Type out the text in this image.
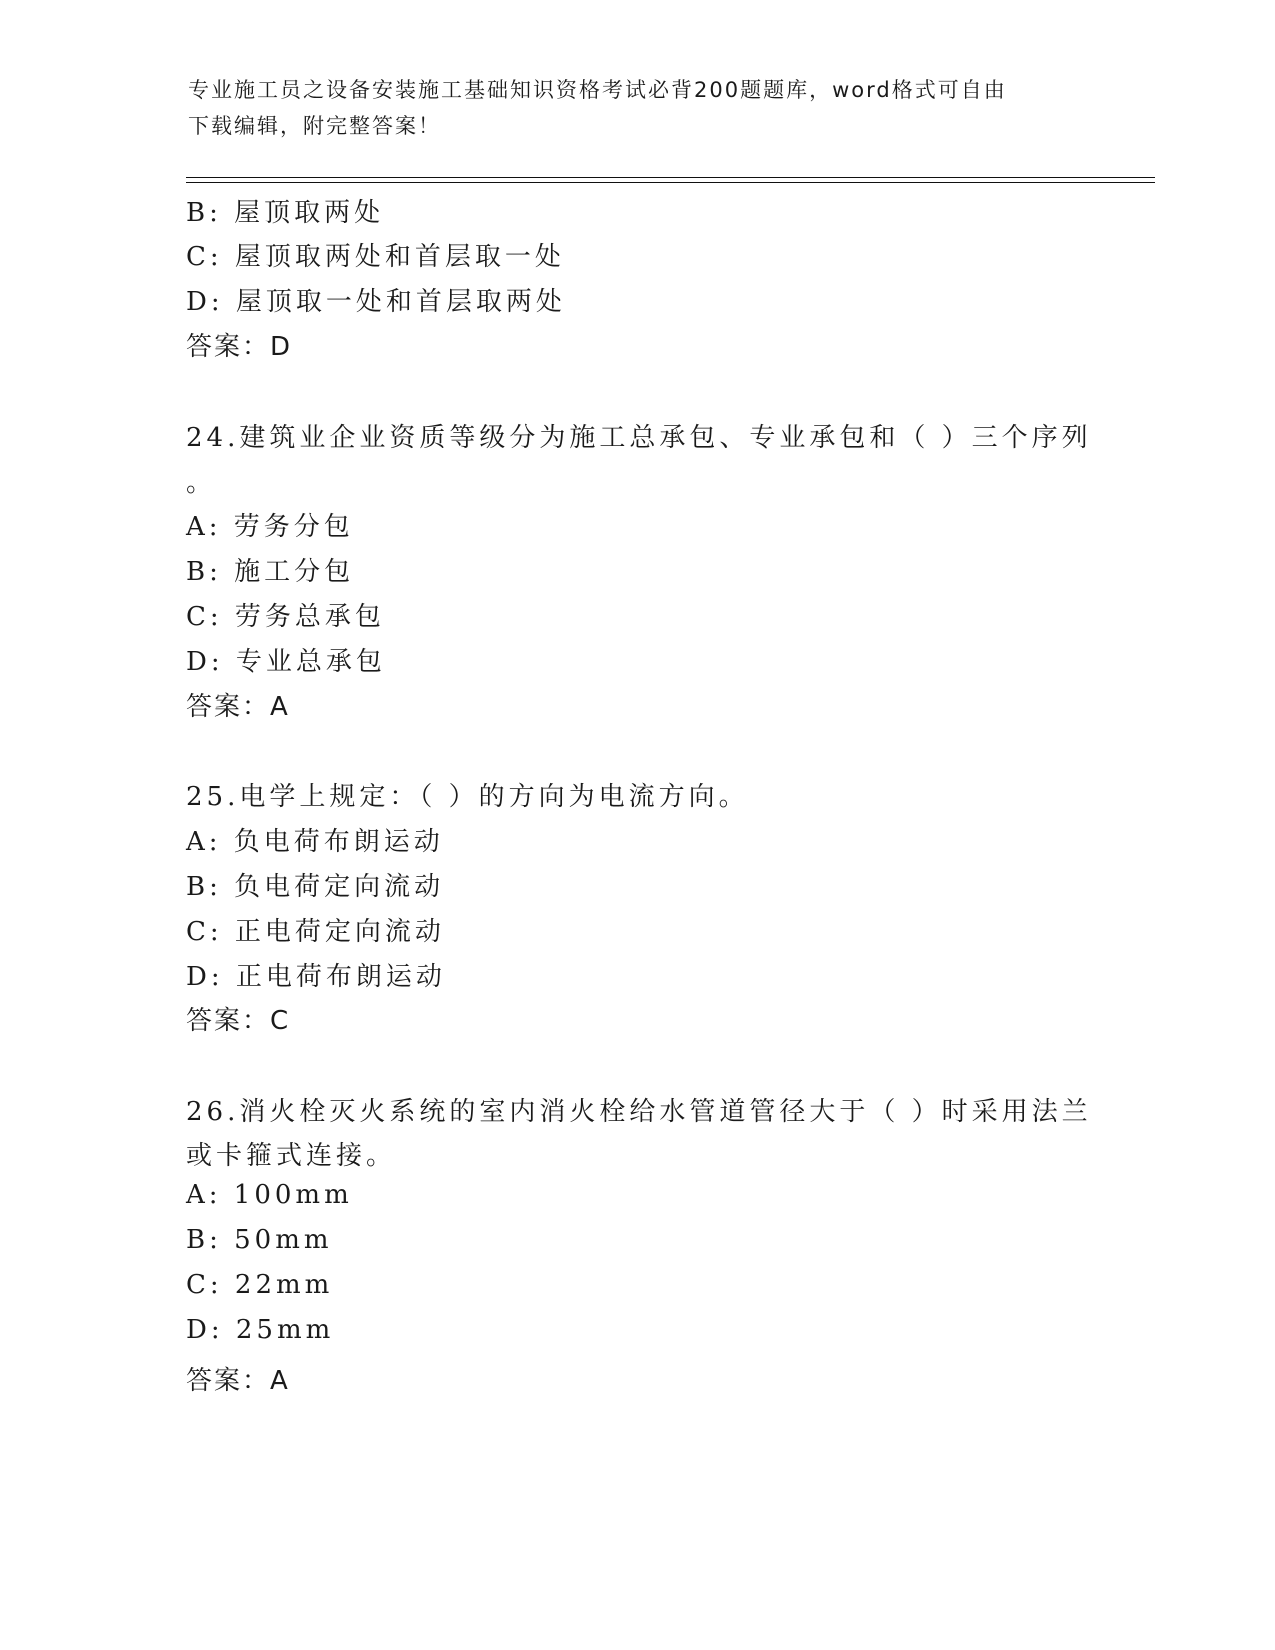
专业施工员之设备安装施工基础知识资格考试必背200题题库，word格式可自由
下载编辑，附完整答案！
B: 屋顶取两处
C: 屋顶取两处和首层取一处
D: 屋顶取一处和首层取两处
答案：D
24.建筑业企业资质等级分为施工总承包、专业承包和（ ）三个序列
。
A: 劳务分包
B: 施工分包
C: 劳务总承包
D: 专业总承包
答案：A
25.电学上规定：（ ）的方向为电流方向。
A: 负电荷布朗运动
B: 负电荷定向流动
C: 正电荷定向流动
D: 正电荷布朗运动
答案：C
26.消火栓灭火系统的室内消火栓给水管道管径大于（ ）时采用法兰
或卡箍式连接。
A: 100mm
B: 50mm
C: 22mm
D: 25mm
答案：A
